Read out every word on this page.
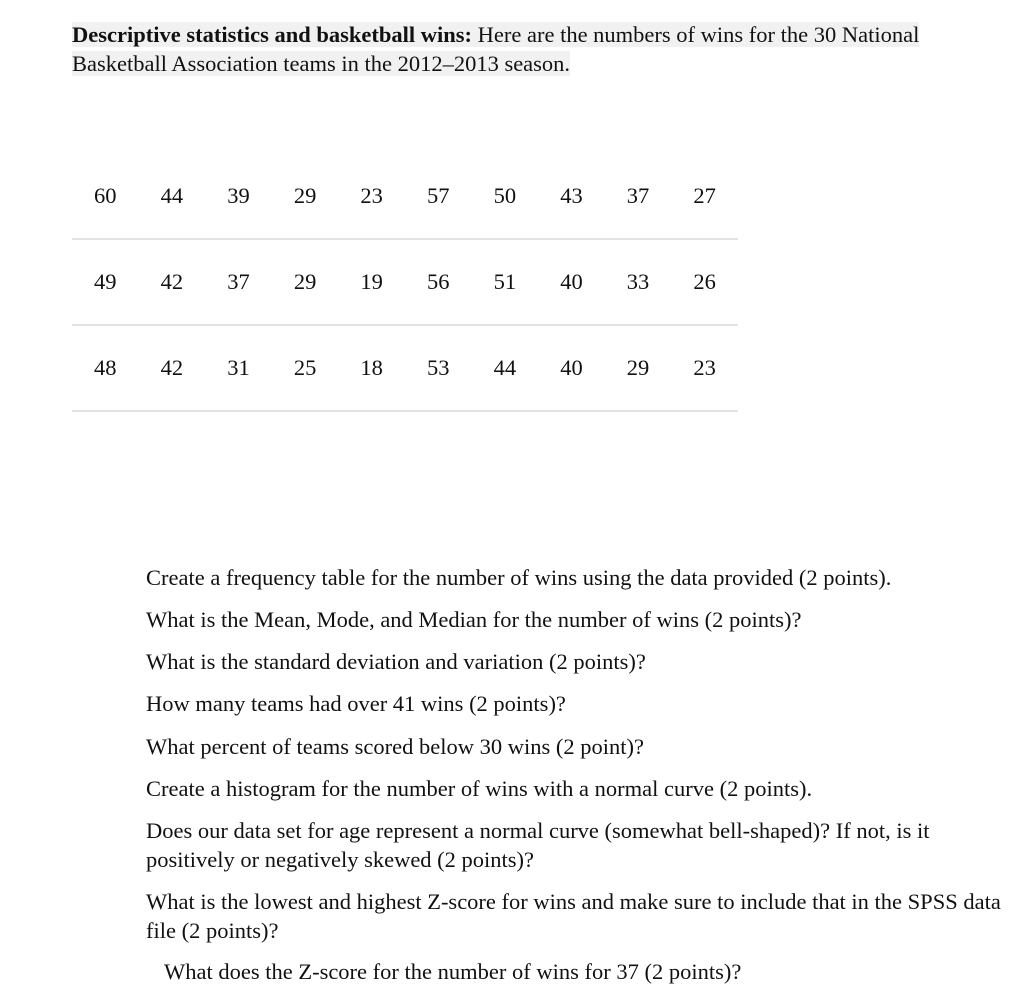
Descriptive statistics and basketball wins: Here are the numbers of wins for the 30 National Basketball Association teams in the 2012–2013 season.
60	44	39	29	23	57	50	43	37	27
49	42	37	29	19	56	51	40	33	26
48	42	31	25	18	53	44	40	29	23

Create a frequency table for the number of wins using the data provided (2 points).

What is the Mean, Mode, and Median for the number of wins (2 points)?

What is the standard deviation and variation (2 points)?

How many teams had over 41 wins (2 points)?

What percent of teams scored below 30 wins (2 point)?

Create a histogram for the number of wins with a normal curve (2 points).

Does our data set for age represent a normal curve (somewhat bell-shaped)? If not, is it positively or negatively skewed (2 points)?

What is the lowest and highest Z-score for wins and make sure to include that in the SPSS data file (2 points)?

What does the Z-score for the number of wins for 37 (2 points)?
